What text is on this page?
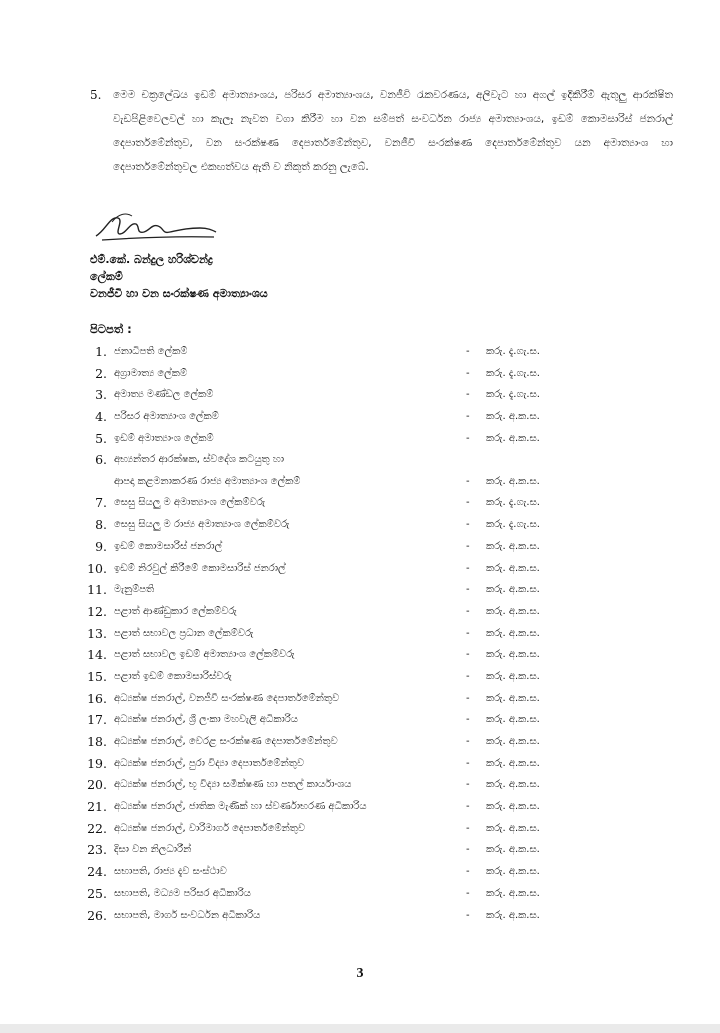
5. මෙම චක්‍රලේඛය ඉඩම් අමාත්‍යාංශය, පරිසර අමාත්‍යාංශය, වනජීවි රැකවරණය, අලිවැට හා අගල් ඉදිකිරීම් ඇතුලු ආරක්ෂිත වැඩපිළිවෙලවල් හා කැලෑ නැවත වගා කිරීම හා වන සම්පත් සංවර්ධන රාජ්‍ය අමාත්‍යාංශය, ඉඩම් කොමසාරිස් ජනරාල් දෙපාර්තමේන්තුව, වන සංරක්ෂණ දෙපාර්තමේන්තුව, වනජීවී සංරක්ෂණ දෙපාර්තමේන්තුව යන අමාත්‍යාංශ හා දෙපාර්තමේන්තුවල එකඟත්වය ඇති ව නිකුත් කරනු ලැබේ.
එම්.කේ. බන්දුල හරිශ්චන්ද්‍ර
ලේකම්
වනජීවී හා වන සංරක්ෂණ අමාත්‍යාංශය
පිටපත් :
1. ජනාධිපති ලේකම්	- කරු. දැ.ගැ.ස.
2. අග්‍රාමාත්‍ය ලේකම්	- කරු. දැ.ගැ.ස.
3. අමාත්‍ය මණ්ඩල ලේකම්	- කරු. දැ.ගැ.ස.
4. පරිසර අමාත්‍යාංශ ලේකම්	- කරු. අ.ක.ස.
5. ඉඩම් අමාත්‍යාංශ ලේකම්	- කරු. අ.ක.ස.
6. අභ්‍යන්තර ආරක්ෂක, ස්වදේශ කටයුතු හා
ආපදා කළමනාකරණ රාජ්‍ය අමාත්‍යාංශ ලේකම්	- කරු. අ.ක.ස.
7. සෙසු සියලු ම අමාත්‍යාංශ ලේකම්වරු	- කරු. දැ.ගැ.ස.
8. සෙසු සියලු ම රාජ්‍ය අමාත්‍යාංශ ලේකම්වරු	- කරු. දැ.ගැ.ස.
9. ඉඩම් කොමසාරිස් ජනරාල්	- කරු. අ.ක.ස.
10. ඉඩම් නිරවුල් කිරීමේ කොමසාරිස් ජනරාල්	- කරු. අ.ක.ස.
11. මැනුම්පති	- කරු. අ.ක.ස.
12. පළාත් ආණ්ඩුකාර ලේකම්වරු	- කරු. අ.ක.ස.
13. පළාත් සභාවල ප්‍රධාන ලේකම්වරු	- කරු. අ.ක.ස.
14. පළාත් සභාවල ඉඩම් අමාත්‍යාංශ ලේකම්වරු	- කරු. අ.ක.ස.
15. පළාත් ඉඩම් කොමසාරිස්වරු	- කරු. අ.ක.ස.
16. අධ්‍යක්ෂ ජනරාල්, වනජීවී සංරක්ෂණ දෙපාර්තමේන්තුව	- කරු. අ.ක.ස.
17. අධ්‍යක්ෂ ජනරාල්, ශ්‍රී ලංකා මහවැලි අධිකාරිය	- කරු. අ.ක.ස.
18. අධ්‍යක්ෂ ජනරාල්, වෙරළ සංරක්ෂණ දෙපාර්තමේන්තුව	- කරු. අ.ක.ස.
19. අධ්‍යක්ෂ ජනරාල්, පුරා විද්‍යා දෙපාර්තමේන්තුව	- කරු. අ.ක.ස.
20. අධ්‍යක්ෂ ජනරාල්, භූ විද්‍යා සමීක්ෂණ හා පතල් කාර්යාංශය	- කරු. අ.ක.ස.
21. අධ්‍යක්ෂ ජනරාල්, ජාතික මැණික් හා ස්වර්ණාභරණ අධිකාරිය	- කරු. අ.ක.ස.
22. අධ්‍යක්ෂ ජනරාල්, වාරිමාර්ග දෙපාර්තමේන්තුව	- කරු. අ.ක.ස.
23. දිසා වන නිලධාරීන්	- කරු. අ.ක.ස.
24. සභාපති, රාජ්‍ය දැව සංස්ථාව	- කරු. අ.ක.ස.
25. සභාපති, මධ්‍යම පරිසර අධිකාරිය	- කරු. අ.ක.ස.
26. සභාපති, මාර්ග සංවර්ධන අධිකාරිය	- කරු. අ.ක.ස.
3
